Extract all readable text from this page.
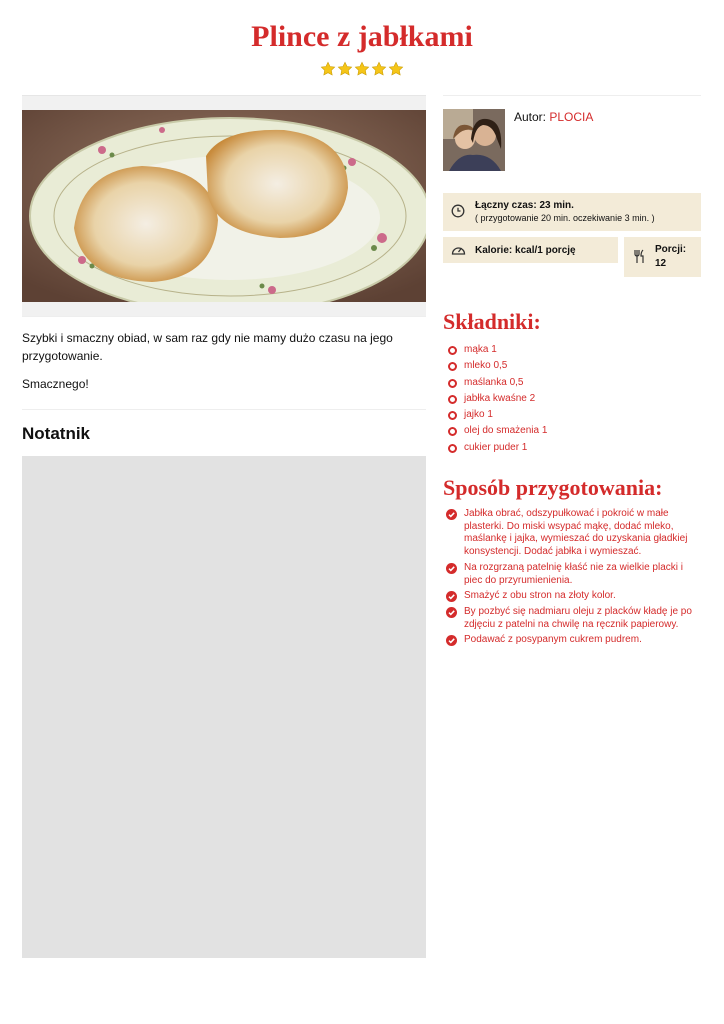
Plince z jabłkami

Szybki i smaczny obiad, w sam raz gdy nie mamy dużo czasu na jego przygotowanie.

Smacznego!

Notatnik
Autor: PLOCIA
Łączny czas: 23 min.
( przygotowanie 20 min. oczekiwanie 3 min. )
Kalorie: kcal/1 porcję	Porcji:
12
Składniki:
mąka 1
mleko 0,5
maślanka 0,5
jabłka kwaśne 2
jajko 1
olej do smażenia 1
cukier puder 1
Sposób przygotowania:
Jabłka obrać, odszypułkować i pokroić w małe plasterki. Do miski wsypać mąkę, dodać mleko, maślankę i jajka, wymieszać do uzyskania gładkiej konsystencji. Dodać jabłka i wymieszać.
Na rozgrzaną patelnię kłaść nie za wielkie placki i piec do przyrumienienia.
Smażyć z obu stron na złoty kolor.
By pozbyć się nadmiaru oleju z placków kładę je po zdjęciu z patelni na chwilę na ręcznik papierowy.
Podawać z posypanym cukrem pudrem.
